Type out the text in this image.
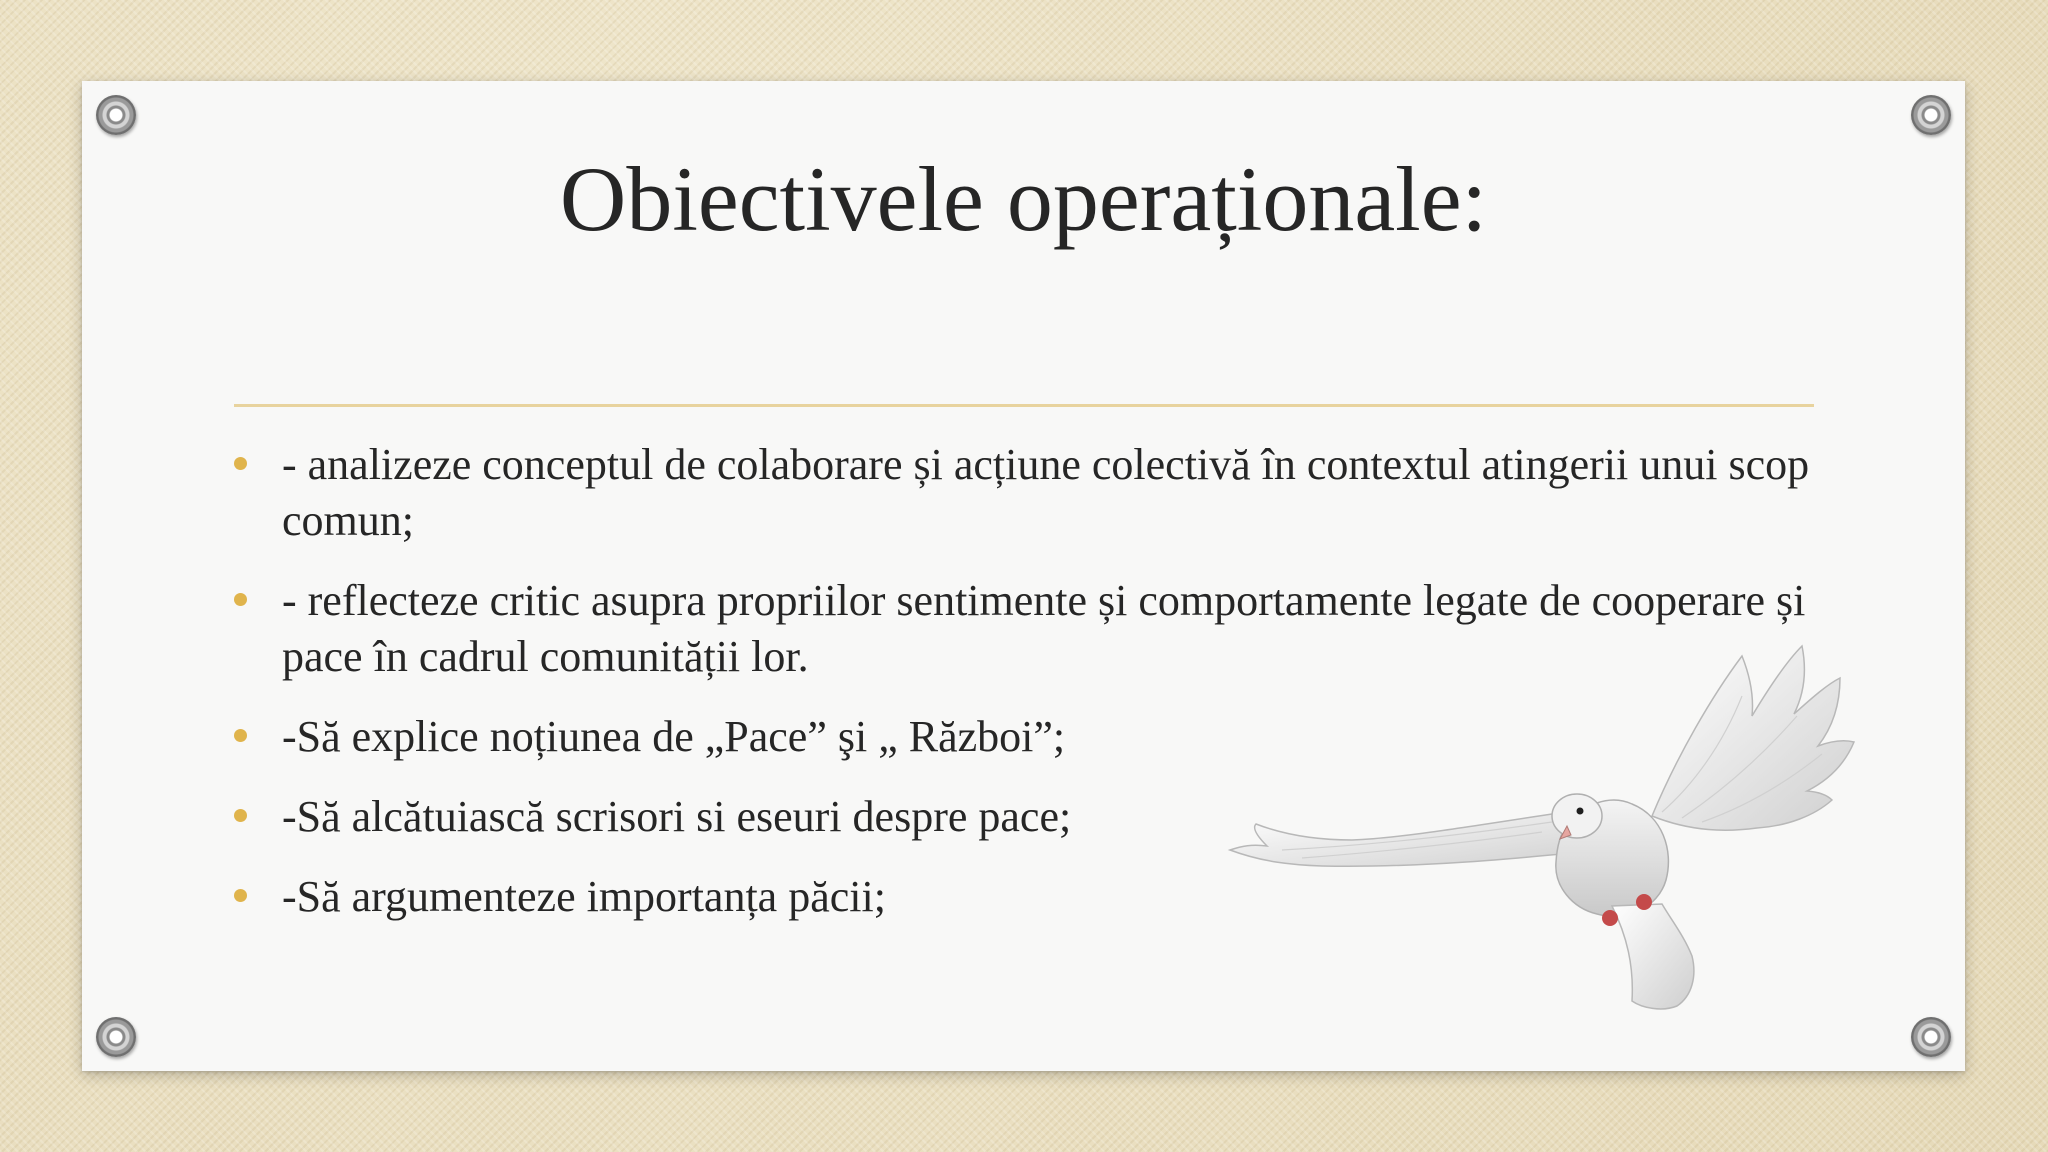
Obiectivele operaționale:
- analizeze conceptul de colaborare și acțiune colectivă în contextul atingerii unui scop comun;
- reflecteze critic asupra propriilor sentimente și comportamente legate de cooperare și pace în cadrul comunității lor.
-Să explice noțiunea de „Pace” şi „ Război”;
-Să alcătuiască scrisori si eseuri despre pace;
-Să argumenteze importanța păcii;
